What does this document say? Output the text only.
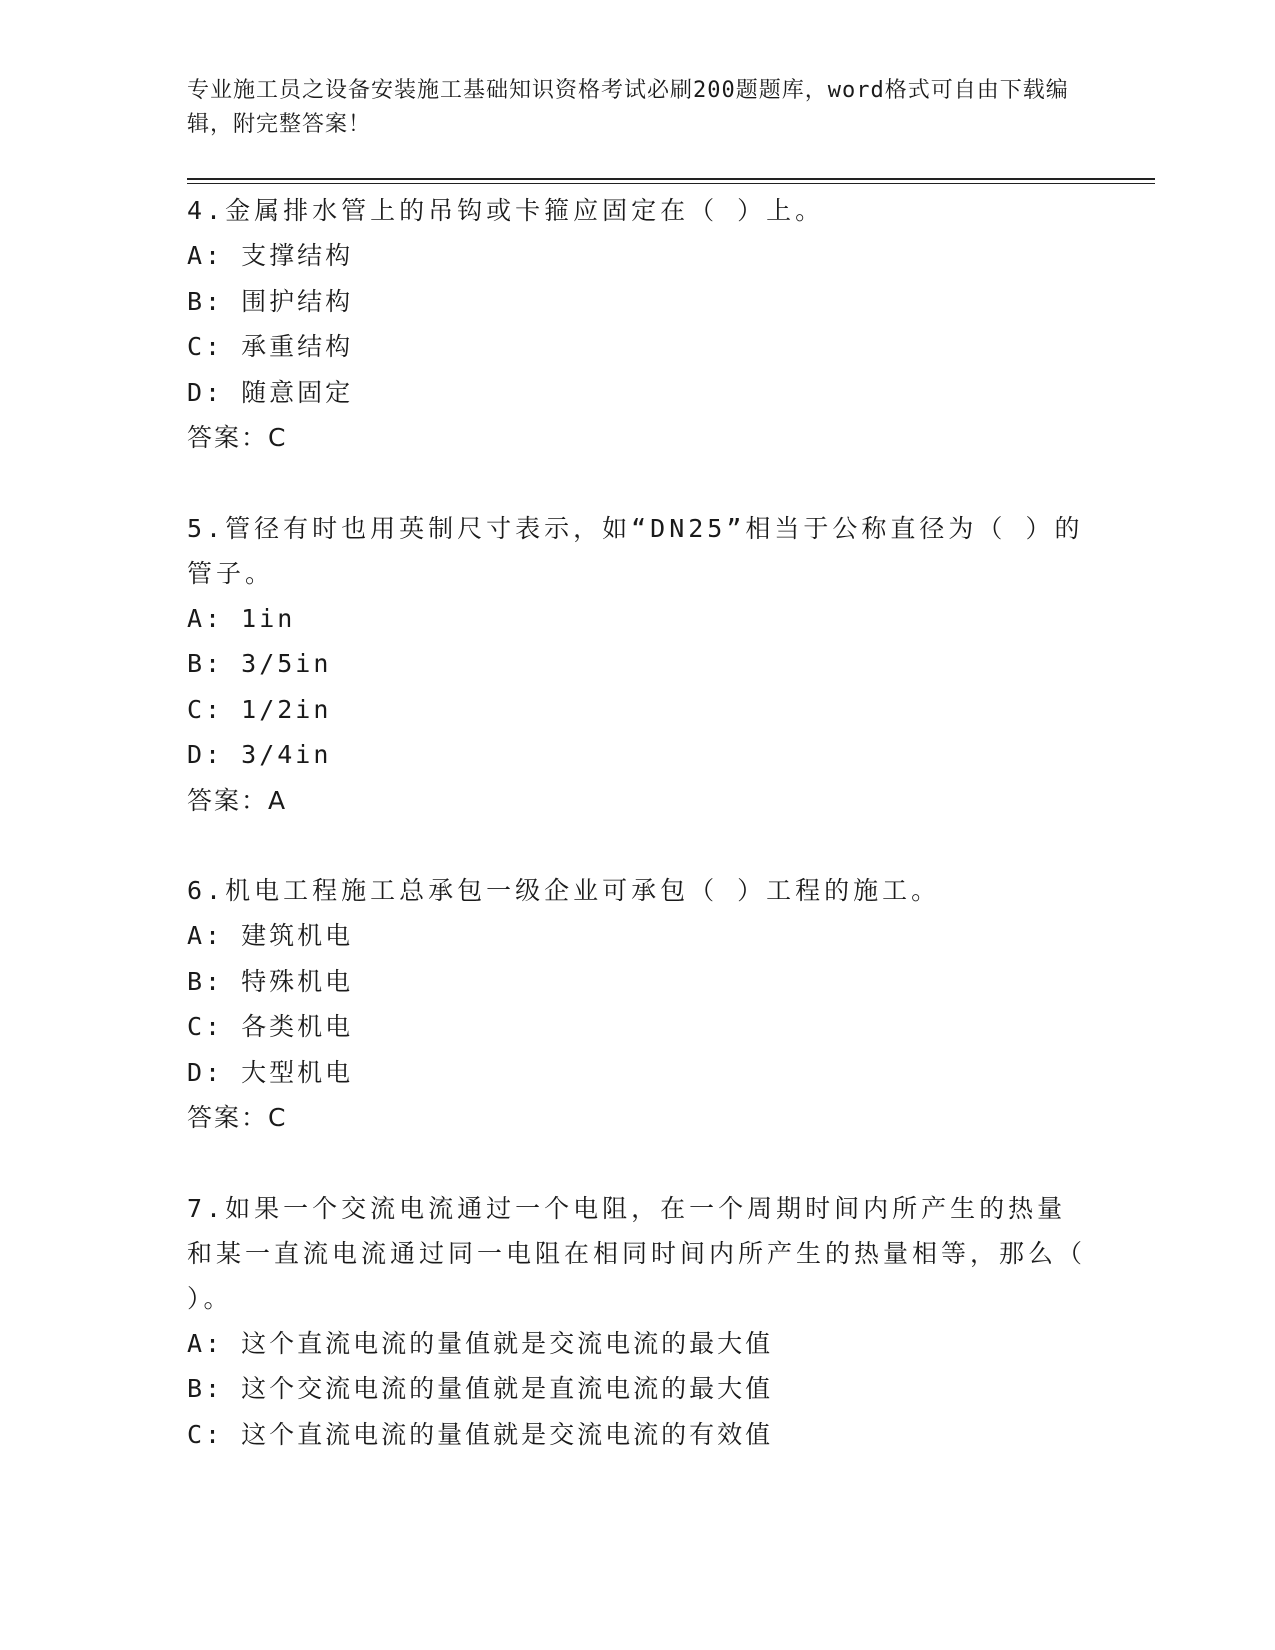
专业施工员之设备安装施工基础知识资格考试必刷200题题库，word格式可自由下载编辑，附完整答案！

4.金属排水管上的吊钩或卡箍应固定在（ ）上。

A: 支撑结构

B: 围护结构

C: 承重结构

D: 随意固定

答案：C

5.管径有时也用英制尺寸表示，如“DN25”相当于公称直径为（ ）的管子。

A: 1in

B: 3/5in

C: 1/2in

D: 3/4in

答案：A

6.机电工程施工总承包一级企业可承包（ ）工程的施工。

A: 建筑机电

B: 特殊机电

C: 各类机电

D: 大型机电

答案：C

7.如果一个交流电流通过一个电阻，在一个周期时间内所产生的热量和某一直流电流通过同一电阻在相同时间内所产生的热量相等，那么（ ）。

A: 这个直流电流的量值就是交流电流的最大值

B: 这个交流电流的量值就是直流电流的最大值

C: 这个直流电流的量值就是交流电流的有效值
